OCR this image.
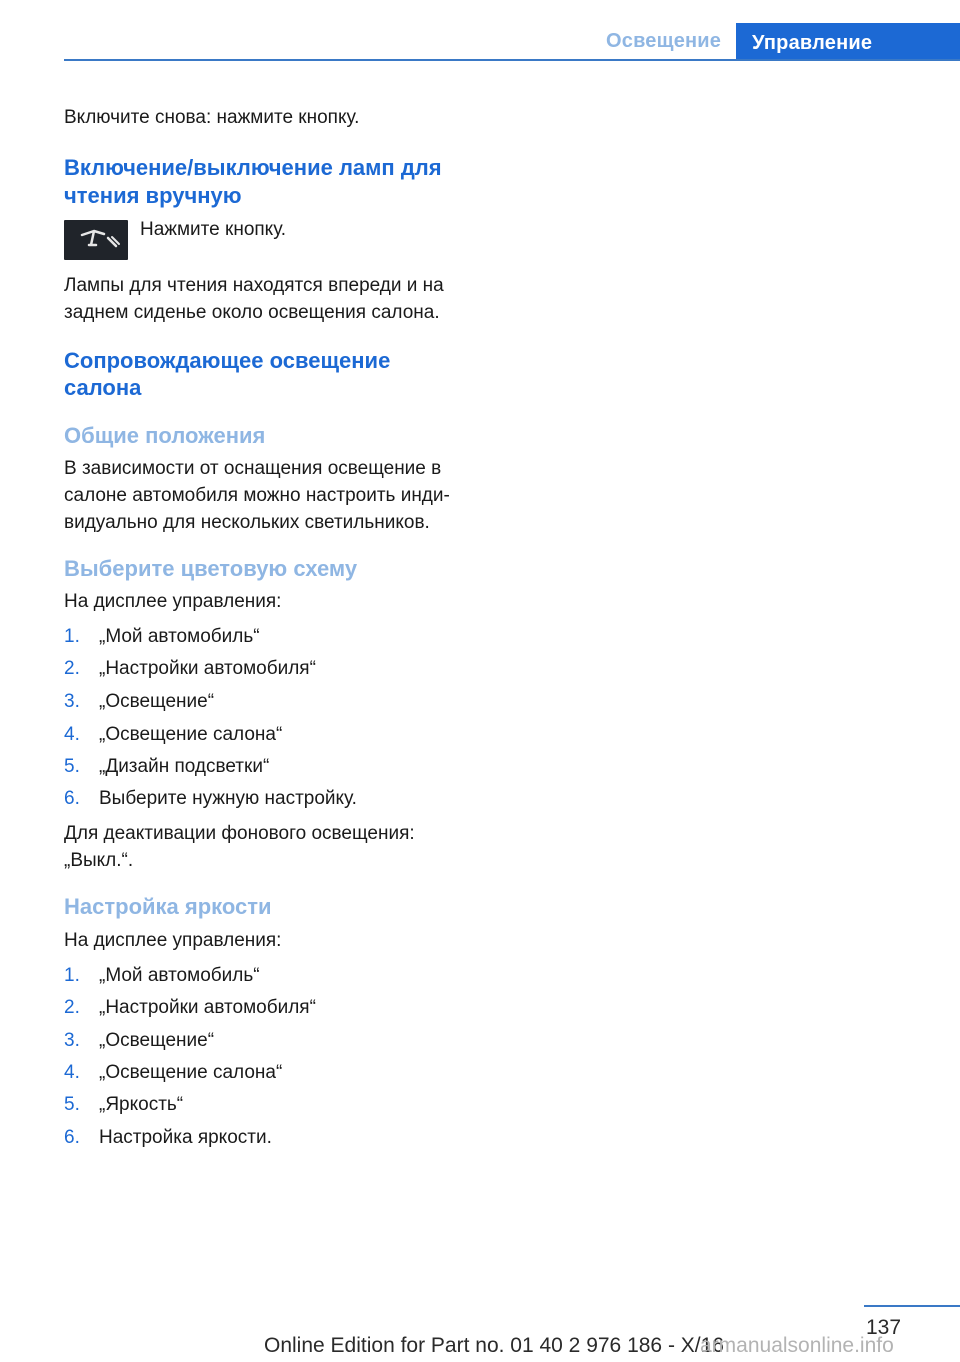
Освещение	Управление
Включите снова: нажмите кнопку.
Включение/выключение ламп для
чтения вручную
Нажмите кнопку.
Лампы для чтения находятся впереди и на
заднем сиденье около освещения салона.
Сопровождающее освещение
салона
Общие положения
В зависимости от оснащения освещение в
салоне автомобиля можно настроить инди‐
видуально для нескольких светильников.
Выберите цветовую схему
На дисплее управления:
1. „Мой автомобиль“
2. „Настройки автомобиля“
3. „Освещение“
4. „Освещение салона“
5. „Дизайн подсветки“
6. Выберите нужную настройку.
Для деактивации фонового освещения:
„Выкл.“.
Настройка яркости
На дисплее управления:
1. „Мой автомобиль“
2. „Настройки автомобиля“
3. „Освещение“
4. „Освещение салона“
5. „Яркость“
6. Настройка яркости.
137
Online Edition for Part no. 01 40 2 976 186 - X/16
armanualsonline.info
